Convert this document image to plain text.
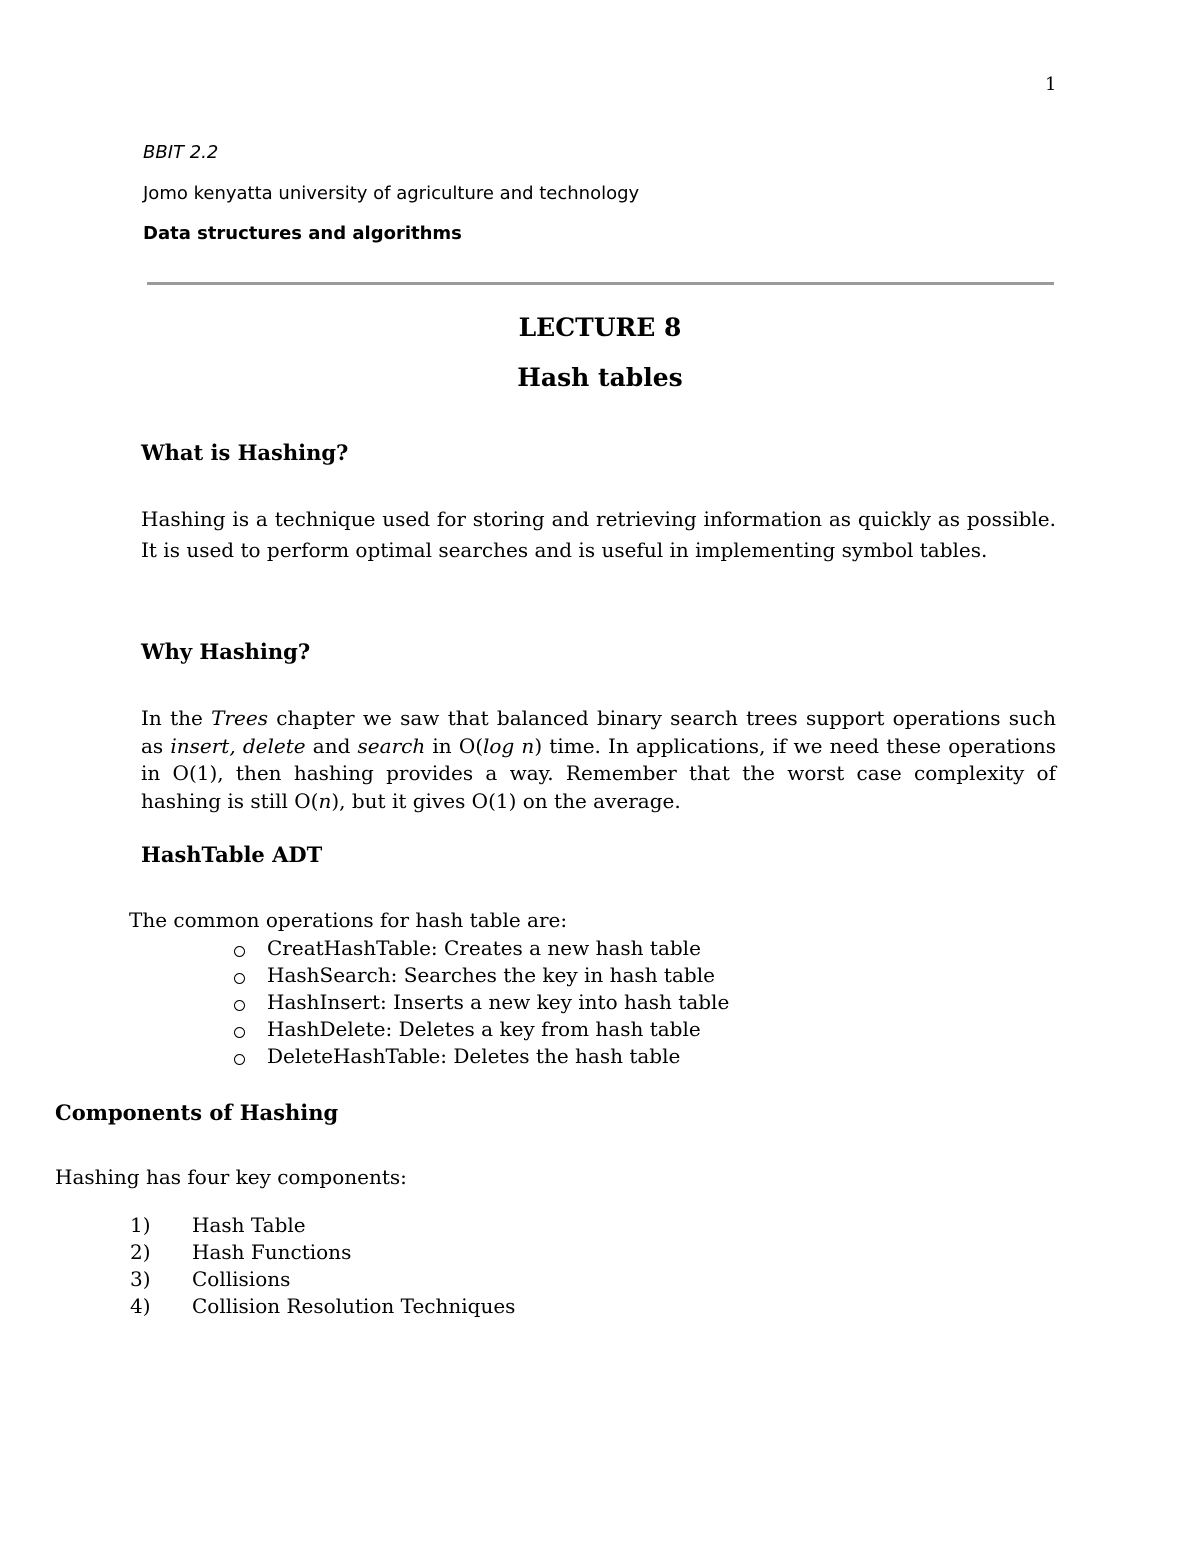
1
BBIT 2.2
Jomo kenyatta university of agriculture and technology
Data structures and algorithms
LECTURE 8
Hash tables
What is Hashing?
Hashing is a technique used for storing and retrieving information as quickly as possible. It is used to perform optimal searches and is useful in implementing symbol tables.
Why Hashing?
In the Trees chapter we saw that balanced binary search trees support operations such as insert, delete and search in O(log n) time. In applications, if we need these operations in O(1), then hashing provides a way. Remember that the worst case complexity of hashing is still O(n), but it gives O(1) on the average.
HashTable ADT
The common operations for hash table are:
CreatHashTable: Creates a new hash table
HashSearch: Searches the key in hash table
HashInsert: Inserts a new key into hash table
HashDelete: Deletes a key from hash table
DeleteHashTable: Deletes the hash table
Components of Hashing
Hashing has four key components:
1) Hash Table
2) Hash Functions
3) Collisions
4) Collision Resolution Techniques
